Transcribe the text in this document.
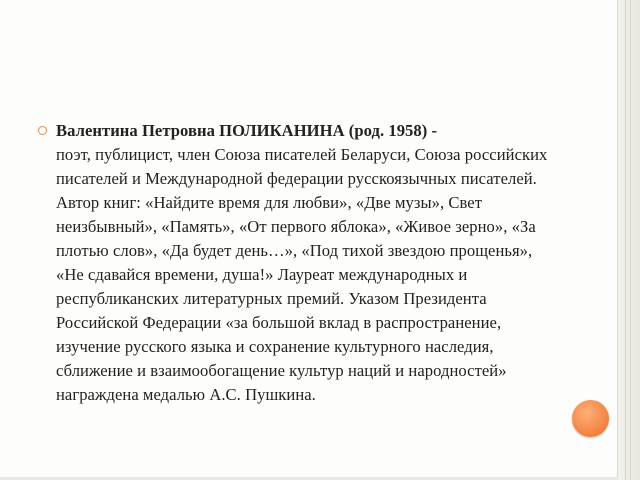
Валентина Петровна ПОЛИКАНИНА (род. 1958) -
поэт, публицист, член Союза писателей Беларуси, Союза российских писателей и Международной федерации русскоязычных писателей. Автор книг: «Найдите время для любви», «Две музы», Свет неизбывный», «Память», «От первого яблока», «Живое зерно», «За плотью слов», «Да будет день…», «Под тихой звездою прощенья», «Не сдавайся времени, душа!» Лауреат международных и республиканских литературных премий. Указом Президента Российской Федерации «за большой вклад в распространение, изучение русского языка и сохранение культурного наследия, сближение и взаимообогащение культур наций и народностей» награждена медалью А.С. Пушкина.
